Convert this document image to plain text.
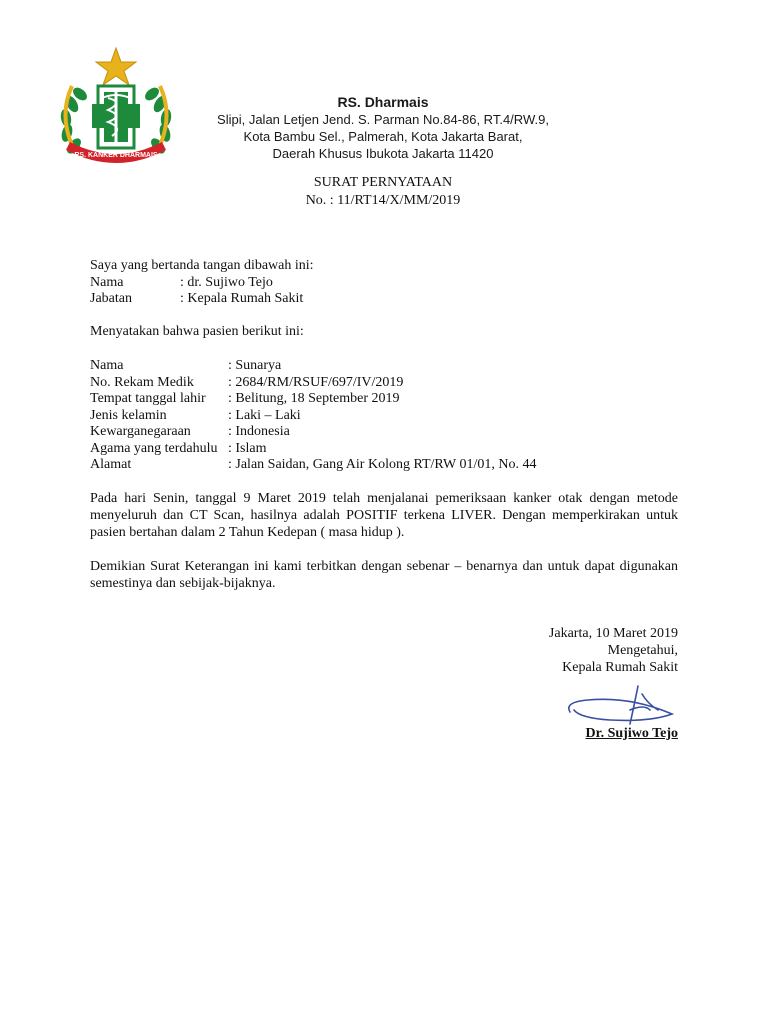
RS. KANKER DHARMAIS
RS. Dharmais
Slipi, Jalan Letjen Jend. S. Parman No.84-86, RT.4/RW.9,
Kota Bambu Sel., Palmerah, Kota Jakarta Barat,
Daerah Khusus Ibukota Jakarta 11420
SURAT PERNYATAAN
No. : 11/RT14/X/MM/2019
Saya yang bertanda tangan dibawah ini:
Nama	: dr. Sujiwo Tejo
Jabatan	: Kepala Rumah Sakit
Menyatakan bahwa pasien berikut ini:
Nama	: Sunarya
No. Rekam Medik : 2684/RM/RSUF/697/IV/2019
Tempat tanggal lahir : Belitung, 18 September 2019
Jenis kelamin	: Laki – Laki
Kewarganegaraan	: Indonesia
Agama yang terdahulu : Islam
Alamat	: Jalan Saidan, Gang Air Kolong RT/RW 01/01, No. 44
Pada hari Senin, tanggal 9 Maret 2019 telah menjalanai pemeriksaan kanker otak dengan metode menyeluruh dan CT Scan, hasilnya adalah POSITIF terkena LIVER. Dengan memperkirakan untuk pasien bertahan dalam 2 Tahun Kedepan ( masa hidup ).
Demikian Surat Keterangan ini kami terbitkan dengan sebenar – benarnya dan untuk dapat digunakan semestinya dan sebijak-bijaknya.
Jakarta, 10 Maret 2019
Mengetahui,
Kepala Rumah Sakit
Dr. Sujiwo Tejo
